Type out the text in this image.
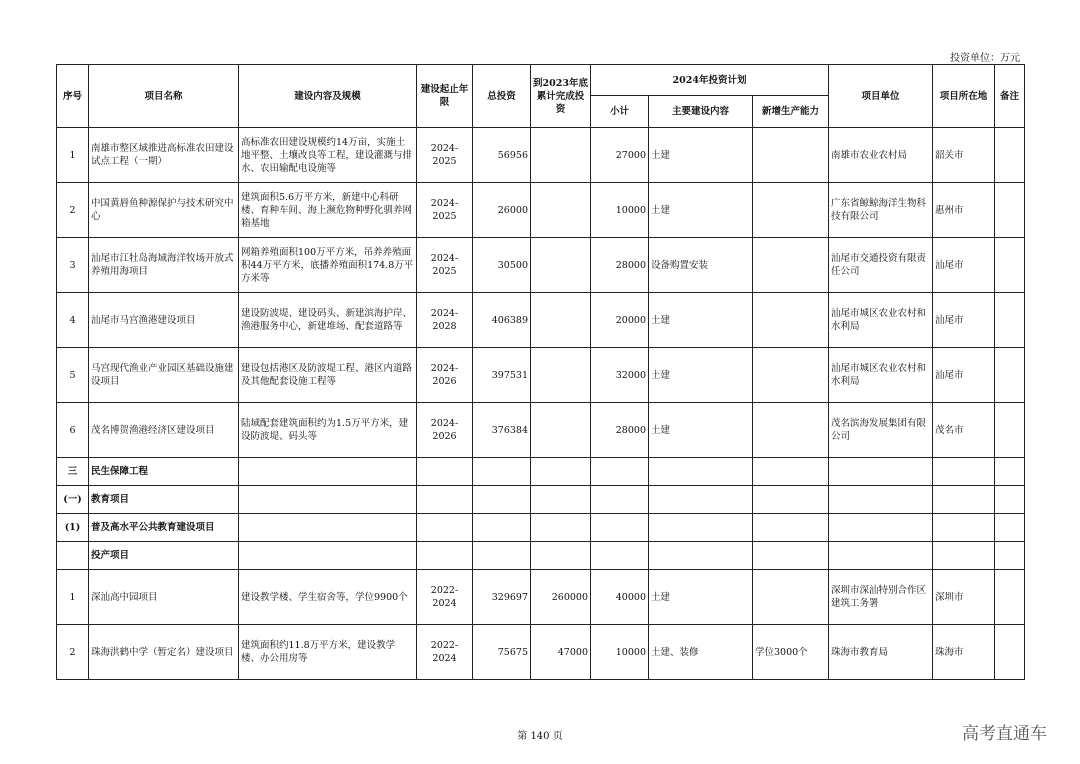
投资单位：万元
序号	项目名称	建设内容及规模	建设起止年限	总投资	到2023年底累计完成投资	2024年投资计划			项目单位	项目所在地	备注
						小计	主要建设内容	新增生产能力			
1	南雄市整区域推进高标准农田建设试点工程（一期）	高标准农田建设规模约14万亩，实施土地平整、土壤改良等工程，建设灌溉与排水、农田输配电设施等	2024-2025	56956		27000	土建		南雄市农业农村局	韶关市	
2	中国黄唇鱼种源保护与技术研究中心	建筑面积5.6万平方米，新建中心科研楼、育种车间、海上濒危物种野化驯养网箱基地	2024-2025	26000		10000	土建		广东省鲸鲸海洋生物科技有限公司	惠州市	
3	汕尾市江牡岛海域海洋牧场开放式养殖用海项目	网箱养殖面积100万平方米，吊养养殖面积44万平方米，底播养殖面积174.8万平方米等	2024-2025	30500		28000	设备购置安装		汕尾市交通投资有限责任公司	汕尾市	
4	汕尾市马宫渔港建设项目	建设防波堤、建设码头、新建滨海护岸、渔港服务中心，新建堆场、配套道路等	2024-2028	406389		20000	土建		汕尾市城区农业农村和水利局	汕尾市	
5	马宫现代渔业产业园区基础设施建设项目	建设包括港区及防波堤工程、港区内道路及其他配套设施工程等	2024-2026	397531		32000	土建		汕尾市城区农业农村和水利局	汕尾市	
6	茂名博贺渔港经济区建设项目	陆域配套建筑面积约为1.5万平方米，建设防波堤、码头等	2024-2026	376384		28000	土建		茂名滨海发展集团有限公司	茂名市	
三	民生保障工程										
(一)	教育项目										
(1)	普及高水平公共教育建设项目										
	投产项目										
1	深汕高中园项目	建设教学楼、学生宿舍等，学位9900个	2022-2024	329697	260000	40000	土建		深圳市深汕特别合作区建筑工务署	深圳市	
2	珠海洪鹤中学（暂定名）建设项目	建筑面积约11.8万平方米，建设教学楼、办公用房等	2022-2024	75675	47000	10000	土建、装修	学位3000个	珠海市教育局	珠海市	
第 140 页	高考直通车
